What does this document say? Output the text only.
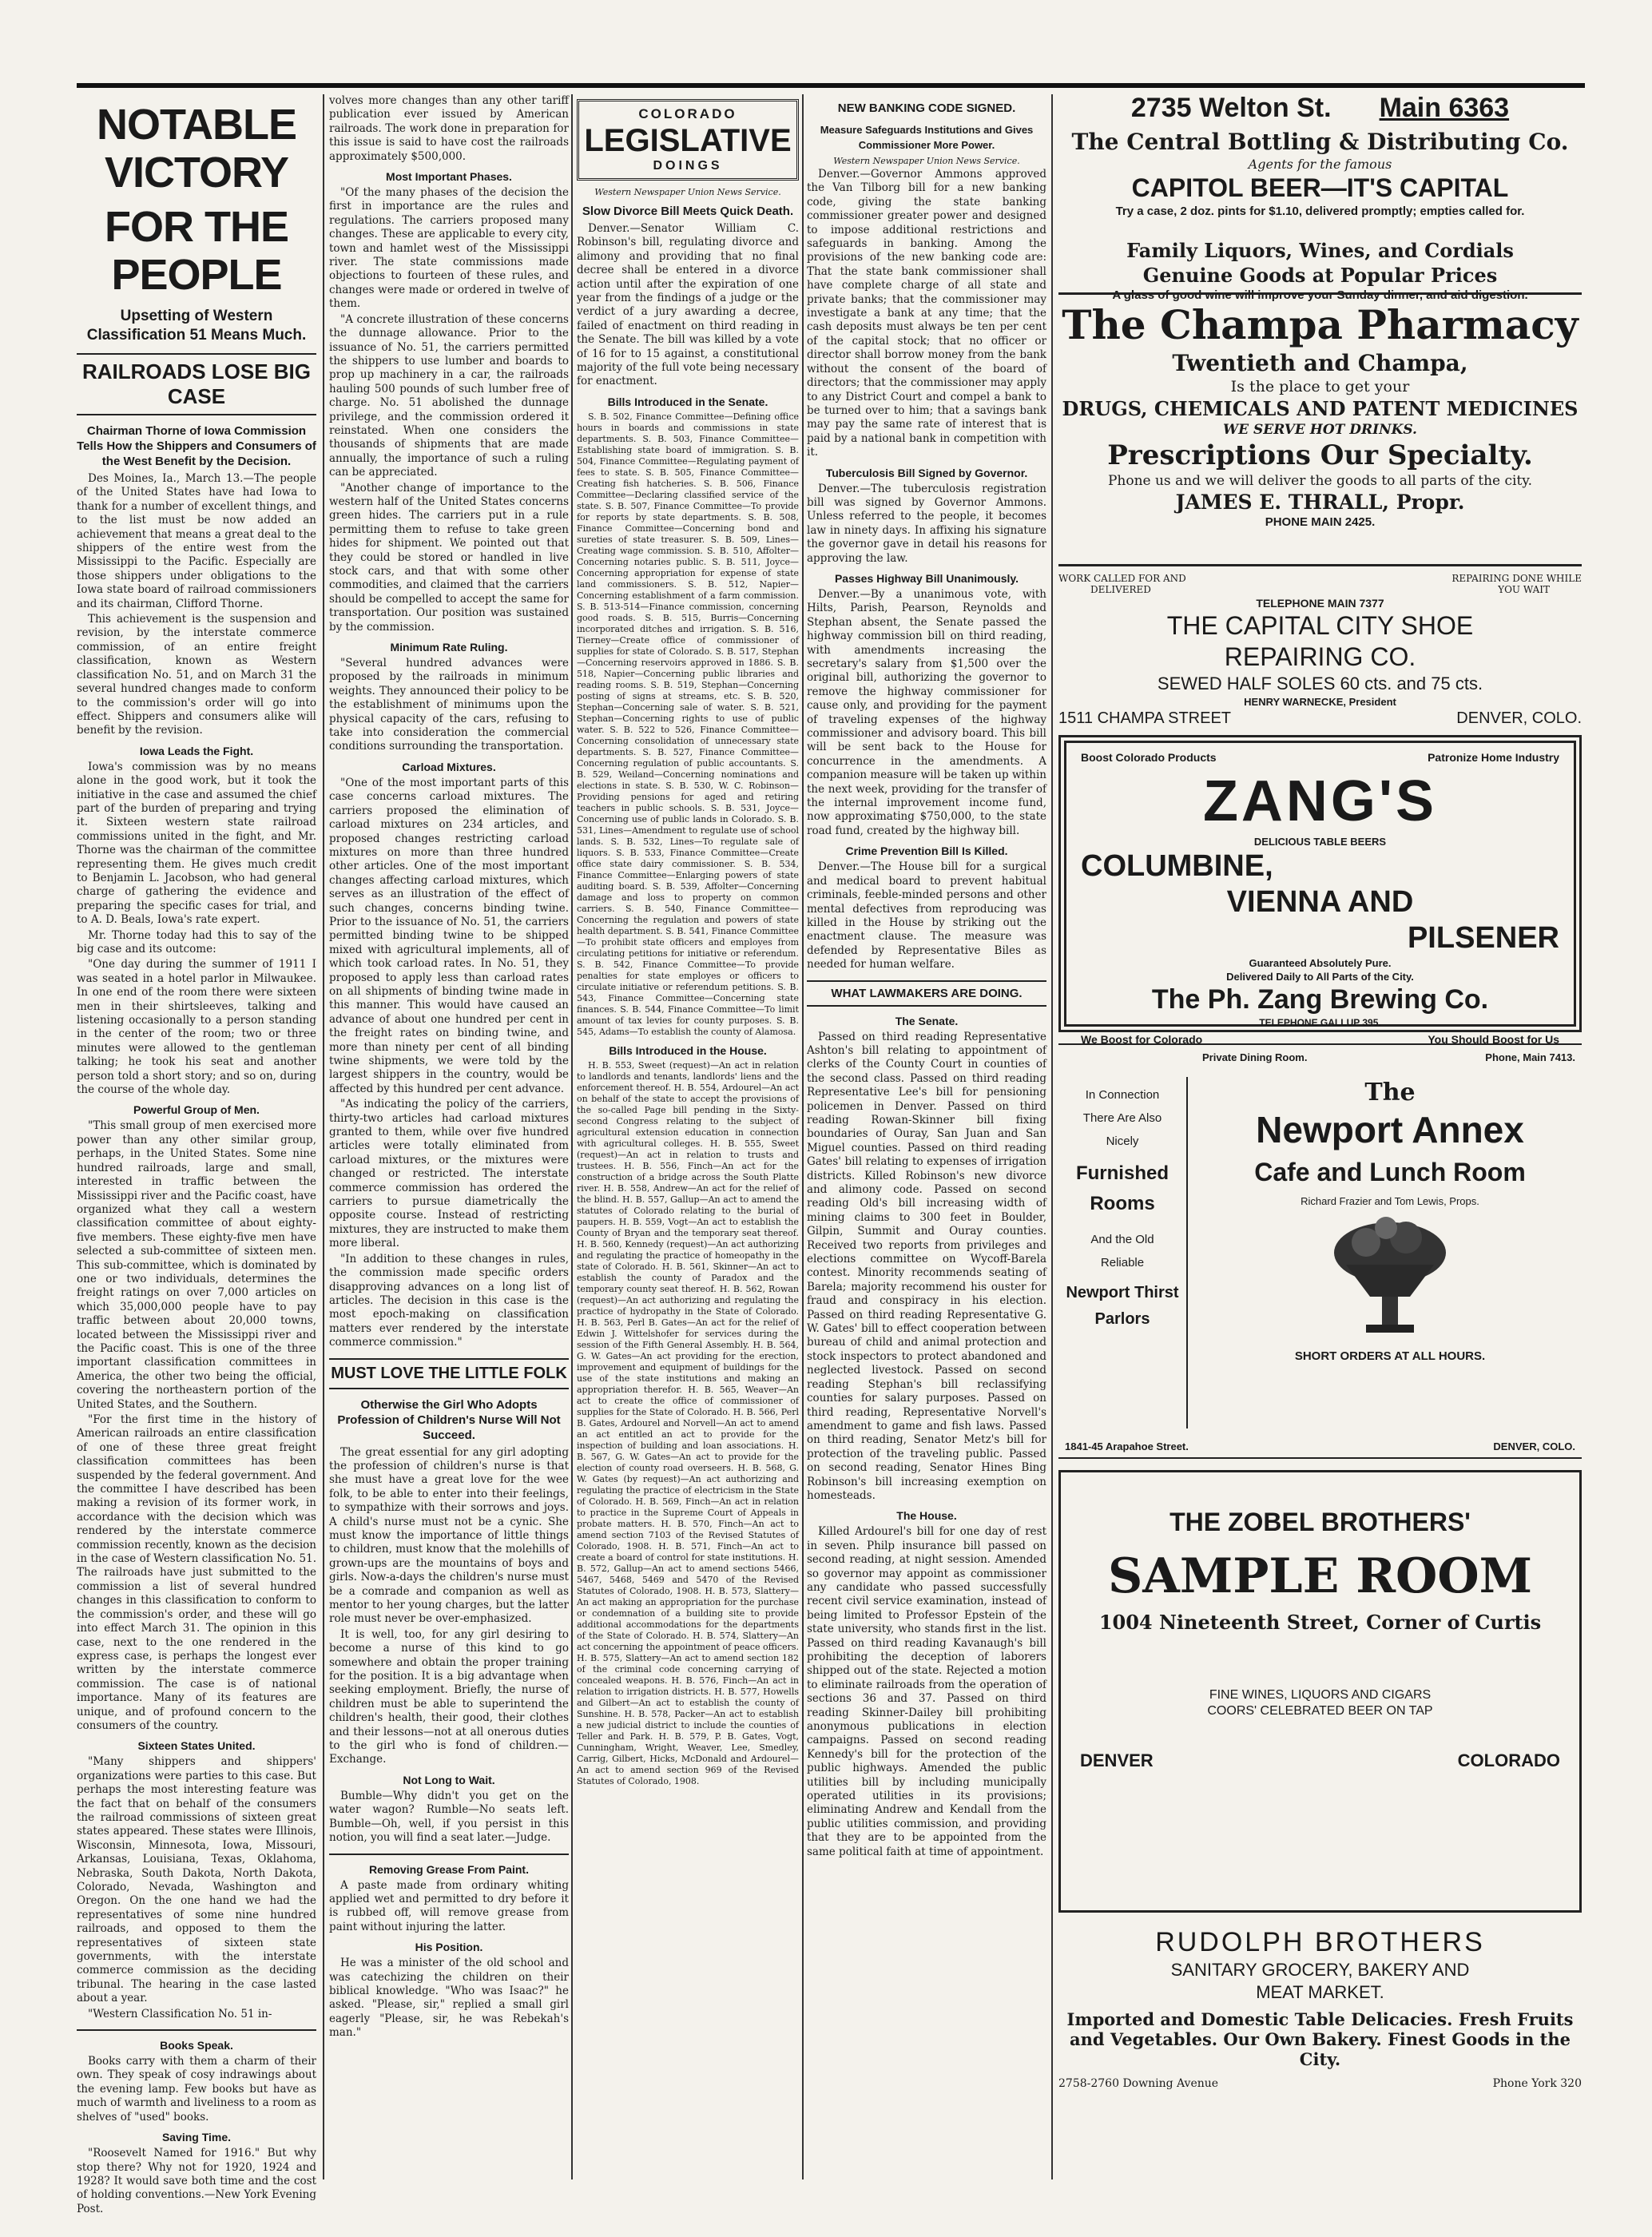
NOTABLE VICTORY
FOR THE PEOPLE
Upsetting of Western Classification 51 Means Much.
RAILROADS LOSE BIG CASE
Chairman Thorne of Iowa Commission Tells How the Shippers and Consumers of the West Benefit by the Decision.

Des Moines, Ia., March 13.—The people of the United States have had Iowa to thank for a number of excellent things, and to the list must be now added an achievement that means a great deal to the shippers of the entire west from the Mississippi to the Pacific. Especially are those shippers under obligations to the Iowa state board of railroad commissioners and its chairman, Clifford Thorne.

This achievement is the suspension and revision, by the interstate commerce commission, of an entire freight classification, known as Western classification No. 51, and on March 31 the several hundred changes made to conform to the commission's order will go into effect. Shippers and consumers alike will benefit by the revision.

Iowa Leads the Fight.

Iowa's commission was by no means alone in the good work, but it took the initiative in the case and assumed the chief part of the burden of preparing and trying it. Sixteen western state railroad commissions united in the fight, and Mr. Thorne was the chairman of the committee representing them. He gives much credit to Benjamin L. Jacobson, who had general charge of gathering the evidence and preparing the specific cases for trial, and to A. D. Beals, Iowa's rate expert.

Mr. Thorne today had this to say of the big case and its outcome:

"One day during the summer of 1911 I was seated in a hotel parlor in Milwaukee. In one end of the room there were sixteen men in their shirtsleeves, talking and listening occasionally to a person standing in the center of the room; two or three minutes were allowed to the gentleman talking; he took his seat and another person told a short story; and so on, during the course of the whole day.

Powerful Group of Men.

"This small group of men exercised more power than any other similar group, perhaps, in the United States. Some nine hundred railroads, large and small, interested in traffic between the Mississippi river and the Pacific coast, have organized what they call a western classification committee of about eighty-five members. These eighty-five men have selected a sub-committee of sixteen men. This sub-committee, which is dominated by one or two individuals, determines the freight ratings on over 7,000 articles on which 35,000,000 people have to pay traffic between about 20,000 towns, located between the Mississippi river and the Pacific coast. This is one of the three important classification committees in America, the other two being the official, covering the northeastern portion of the United States, and the Southern.

"For the first time in the history of American railroads an entire classification of one of these three great freight classification committees has been suspended by the federal government. And the committee I have described has been making a revision of its former work, in accordance with the decision which was rendered by the interstate commerce commission recently, known as the decision in the case of Western classification No. 51. The railroads have just submitted to the commission a list of several hundred changes in this classification to conform to the commission's order, and these will go into effect March 31. The opinion in this case, next to the one rendered in the express case, is perhaps the longest ever written by the interstate commerce commission. The case is of national importance. Many of its features are unique, and of profound concern to the consumers of the country.

Sixteen States United.

"Many shippers and shippers' organizations were parties to this case. But perhaps the most interesting feature was the fact that on behalf of the consumers the railroad commissions of sixteen great states appeared. These states were Illinois, Wisconsin, Minnesota, Iowa, Missouri, Arkansas, Louisiana, Texas, Oklahoma, Nebraska, South Dakota, North Dakota, Colorado, Nevada, Washington and Oregon. On the one hand we had the representatives of some nine hundred railroads, and opposed to them the representatives of sixteen state governments, with the interstate commerce commission as the deciding tribunal. The hearing in the case lasted about a year.

"Western Classification No. 51 in-

Books Speak.

Books carry with them a charm of their own. They speak of cosy indrawings about the evening lamp. Few books but have as much of warmth and liveliness to a room as shelves of "used" books.

Saving Time.

"Roosevelt Named for 1916." But why stop there? Why not for 1920, 1924 and 1928? It would save both time and the cost of holding conventions.—New York Evening Post.

volves more changes than any other tariff publication ever issued by American railroads. The work done in preparation for this issue is said to have cost the railroads approximately $500,000.

Most Important Phases.

"Of the many phases of the decision the first in importance are the rules and regulations. The carriers proposed many changes. These are applicable to every city, town and hamlet west of the Mississippi river. The state commissions made objections to fourteen of these rules, and changes were made or ordered in twelve of them.

"A concrete illustration of these concerns the dunnage allowance. Prior to the issuance of No. 51, the carriers permitted the shippers to use lumber and boards to prop up machinery in a car, the railroads hauling 500 pounds of such lumber free of charge. No. 51 abolished the dunnage privilege, and the commission ordered it reinstated. When one considers the thousands of shipments that are made annually, the importance of such a ruling can be appreciated.

"Another change of importance to the western half of the United States concerns green hides. The carriers put in a rule permitting them to refuse to take green hides for shipment. We pointed out that they could be stored or handled in live stock cars, and that with some other commodities, and claimed that the carriers should be compelled to accept the same for transportation. Our position was sustained by the commission.

Minimum Rate Ruling.

"Several hundred advances were proposed by the railroads in minimum weights. They announced their policy to be the establishment of minimums upon the physical capacity of the cars, refusing to take into consideration the commercial conditions surrounding the transportation.

Carload Mixtures.

"One of the most important parts of this case concerns carload mixtures. The carriers proposed the elimination of carload mixtures on 234 articles, and proposed changes restricting carload mixtures on more than three hundred other articles. One of the most important changes affecting carload mixtures, which serves as an illustration of the effect of such changes, concerns binding twine. Prior to the issuance of No. 51, the carriers permitted binding twine to be shipped mixed with agricultural implements, all of which took carload rates. In No. 51, they proposed to apply less than carload rates on all shipments of binding twine made in this manner. This would have caused an advance of about one hundred per cent in the freight rates on binding twine, and more than ninety per cent of all binding twine shipments, we were told by the largest shippers in the country, would be affected by this hundred per cent advance.

"As indicating the policy of the carriers, thirty-two articles had carload mixtures granted to them, while over five hundred articles were totally eliminated from carload mixtures, or the mixtures were changed or restricted. The interstate commerce commission has ordered the carriers to pursue diametrically the opposite course. Instead of restricting mixtures, they are instructed to make them more liberal.

"In addition to these changes in rules, the commission made specific orders disapproving advances on a long list of articles. The decision in this case is the most epoch-making on classification matters ever rendered by the interstate commerce commission."

MUST LOVE THE LITTLE FOLK
Otherwise the Girl Who Adopts Profession of Children's Nurse Will Not Succeed.

The great essential for any girl adopting the profession of children's nurse is that she must have a great love for the wee folk, to be able to enter into their feelings, to sympathize with their sorrows and joys. A child's nurse must not be a cynic. She must know the importance of little things to children, must know that the molehills of grown-ups are the mountains of boys and girls. Now-a-days the children's nurse must be a comrade and companion as well as mentor to her young charges, but the latter role must never be over-emphasized.

It is well, too, for any girl desiring to become a nurse of this kind to go somewhere and obtain the proper training for the position. It is a big advantage when seeking employment. Briefly, the nurse of children must be able to superintend the children's health, their good, their clothes and their lessons—not at all onerous duties to the girl who is fond of children.—Exchange.

Not Long to Wait.

Bumble—Why didn't you get on the water wagon? Rumble—No seats left. Bumble—Oh, well, if you persist in this notion, you will find a seat later.—Judge.

Removing Grease From Paint.

A paste made from ordinary whiting applied wet and permitted to dry before it is rubbed off, will remove grease from paint without injuring the latter.

His Position.

He was a minister of the old school and was catechizing the children on their biblical knowledge. "Who was Isaac?" he asked. "Please, sir," replied a small girl eagerly "Please, sir, he was Rebekah's man."

COLORADO
LEGISLATIVE
DOINGS
Western Newspaper Union News Service.
Slow Divorce Bill Meets Quick Death.

Denver.—Senator William C. Robinson's bill, regulating divorce and alimony and providing that no final decree shall be entered in a divorce action until after the expiration of one year from the findings of a judge or the verdict of a jury awarding a decree, failed of enactment on third reading in the Senate. The bill was killed by a vote of 16 for to 15 against, a constitutional majority of the full vote being necessary for enactment.

Bills Introduced in the Senate.

S. B. 502, Finance Committee—Defining office hours in boards and commissions in state departments. S. B. 503, Finance Committee—Establishing state board of immigration. S. B. 504, Finance Committee—Regulating payment of fees to state. S. B. 505, Finance Committee—Creating fish hatcheries. S. B. 506, Finance Committee—Declaring classified service of the state. S. B. 507, Finance Committee—To provide for reports by state departments. S. B. 508, Finance Committee—Concerning bond and sureties of state treasurer. S. B. 509, Lines—Creating wage commission. S. B. 510, Affolter—Concerning notaries public. S. B. 511, Joyce—Concerning appropriation for expense of state land commissioners. S. B. 512, Napier—Concerning establishment of a farm commission. S. B. 513-514—Finance commission, concerning good roads. S. B. 515, Burris—Concerning incorporated ditches and irrigation. S. B. 516, Tierney—Create office of commissioner of supplies for state of Colorado. S. B. 517, Stephan—Concerning reservoirs approved in 1886. S. B. 518, Napier—Concerning public libraries and reading rooms. S. B. 519, Stephan—Concerning posting of signs at streams, etc. S. B. 520, Stephan—Concerning sale of water. S. B. 521, Stephan—Concerning rights to use of public water. S. B. 522 to 526, Finance Committee—Concerning consolidation of unnecessary state departments. S. B. 527, Finance Committee—Concerning regulation of public accountants. S. B. 529, Weiland—Concerning nominations and elections in state. S. B. 530, W. C. Robinson—Providing pensions for aged and retiring teachers in public schools. S. B. 531, Joyce—Concerning use of public lands in Colorado. S. B. 531, Lines—Amendment to regulate use of school lands. S. B. 532, Lines—To regulate sale of liquors. S. B. 533, Finance Committee—Create office state dairy commissioner. S. B. 534, Finance Committee—Enlarging powers of state auditing board. S. B. 539, Affolter—Concerning damage and loss to property on common carriers. S. B. 540, Finance Committee—Concerning the regulation and powers of state health department. S. B. 541, Finance Committee—To prohibit state officers and employes from circulating petitions for initiative or referendum. S. B. 542, Finance Committee—To provide penalties for state employes or officers to circulate initiative or referendum petitions. S. B. 543, Finance Committee—Concerning state finances. S. B. 544, Finance Committee—To limit amount of tax levies for county purposes. S. B. 545, Adams—To establish the county of Alamosa.

Bills Introduced in the House.

H. B. 553, Sweet (request)—An act in relation to landlords and tenants, landlords' liens and the enforcement thereof. H. B. 554, Ardourel—An act on behalf of the state to accept the provisions of the so-called Page bill pending in the Sixty-second Congress relating to the subject of agricultural extension education in connection with agricultural colleges. H. B. 555, Sweet (request)—An act in relation to trusts and trustees. H. B. 556, Finch—An act for the construction of a bridge across the South Platte river. H. B. 558, Andrew—An act for the relief of the blind. H. B. 557, Gallup—An act to amend the statutes of Colorado relating to the burial of paupers. H. B. 559, Vogt—An act to establish the County of Bryan and the temporary seat thereof. H. B. 560, Kennedy (request)—An act authorizing and regulating the practice of homeopathy in the state of Colorado. H. B. 561, Skinner—An act to establish the county of Paradox and the temporary county seat thereof. H. B. 562, Rowan (request)—An act authorizing and regulating the practice of hydropathy in the State of Colorado. H. B. 563, Perl B. Gates—An act for the relief of Edwin J. Wittelshofer for services during the session of the Fifth General Assembly. H. B. 564, G. W. Gates—An act providing for the erection, improvement and equipment of buildings for the use of the state institutions and making an appropriation therefor. H. B. 565, Weaver—An act to create the office of commissioner of supplies for the State of Colorado. H. B. 566, Perl B. Gates, Ardourel and Norvell—An act to amend an act entitled an act to provide for the inspection of building and loan associations. H. B. 567, G. W. Gates—An act to provide for the election of county road overseers. H. B. 568, G. W. Gates (by request)—An act authorizing and regulating the practice of electricism in the State of Colorado. H. B. 569, Finch—An act in relation to practice in the Supreme Court of Appeals in probate matters. H. B. 570, Finch—An act to amend section 7103 of the Revised Statutes of Colorado, 1908. H. B. 571, Finch—An act to create a board of control for state institutions. H. B. 572, Gallup—An act to amend sections 5466, 5467, 5468, 5469 and 5470 of the Revised Statutes of Colorado, 1908. H. B. 573, Slattery—An act making an appropriation for the purchase or condemnation of a building site to provide additional accommodations for the departments of the State of Colorado. H. B. 574, Slattery—An act concerning the appointment of peace officers. H. B. 575, Slattery—An act to amend section 182 of the criminal code concerning carrying of concealed weapons. H. B. 576, Finch—An act in relation to irrigation districts. H. B. 577, Howells and Gilbert—An act to establish the county of Sunshine. H. B. 578, Packer—An act to establish a new judicial district to include the counties of Teller and Park. H. B. 579, P. B. Gates, Vogt, Cunningham, Wright, Weaver, Lee, Smedley, Carrig, Gilbert, Hicks, McDonald and Ardourel—An act to amend section 969 of the Revised Statutes of Colorado, 1908.

NEW BANKING CODE SIGNED.
Measure Safeguards Institutions and Gives Commissioner More Power.
Western Newspaper Union News Service.

Denver.—Governor Ammons approved the Van Tilborg bill for a new banking code, giving the state banking commissioner greater power and designed to impose additional restrictions and safeguards in banking. Among the provisions of the new banking code are: That the state bank commissioner shall have complete charge of all state and private banks; that the commissioner may investigate a bank at any time; that the cash deposits must always be ten per cent of the capital stock; that no officer or director shall borrow money from the bank without the consent of the board of directors; that the commissioner may apply to any District Court and compel a bank to be turned over to him; that a savings bank may pay the same rate of interest that is paid by a national bank in competition with it.

Tuberculosis Bill Signed by Governor.

Denver.—The tuberculosis registration bill was signed by Governor Ammons. Unless referred to the people, it becomes law in ninety days. In affixing his signature the governor gave in detail his reasons for approving the law.

Passes Highway Bill Unanimously.

Denver.—By a unanimous vote, with Hilts, Parish, Pearson, Reynolds and Stephan absent, the Senate passed the highway commission bill on third reading, with amendments increasing the secretary's salary from $1,500 over the original bill, authorizing the governor to remove the highway commissioner for cause only, and providing for the payment of traveling expenses of the highway commissioner and advisory board. This bill will be sent back to the House for concurrence in the amendments. A companion measure will be taken up within the next week, providing for the transfer of the internal improvement income fund, now approximating $750,000, to the state road fund, created by the highway bill.

Crime Prevention Bill Is Killed.

Denver.—The House bill for a surgical and medical board to prevent habitual criminals, feeble-minded persons and other mental defectives from reproducing was killed in the House by striking out the enactment clause. The measure was defended by Representative Biles as needed for human welfare.

WHAT LAWMAKERS ARE DOING.
The Senate.

Passed on third reading Representative Ashton's bill relating to appointment of clerks of the County Court in counties of the second class. Passed on third reading Representative Lee's bill for pensioning policemen in Denver. Passed on third reading Rowan-Skinner bill fixing boundaries of Ouray, San Juan and San Miguel counties. Passed on third reading Gates' bill relating to expenses of irrigation districts. Killed Robinson's new divorce and alimony code. Passed on second reading Old's bill increasing width of mining claims to 300 feet in Boulder, Gilpin, Summit and Ouray counties. Received two reports from privileges and elections committee on Wycoff-Barela contest. Minority recommends seating of Barela; majority recommend his ouster for fraud and conspiracy in his election. Passed on third reading Representative G. W. Gates' bill to effect cooperation between bureau of child and animal protection and stock inspectors to protect abandoned and neglected livestock. Passed on second reading Stephan's bill reclassifying counties for salary purposes. Passed on third reading, Representative Norvell's amendment to game and fish laws. Passed on third reading, Senator Metz's bill for protection of the traveling public. Passed on second reading, Senator Hines Bing Robinson's bill increasing exemption on homesteads.

The House.

Killed Ardourel's bill for one day of rest in seven. Philp insurance bill passed on second reading, at night session. Amended so governor may appoint as commissioner any candidate who passed successfully recent civil service examination, instead of being limited to Professor Epstein of the state university, who stands first in the list. Passed on third reading Kavanaugh's bill prohibiting the deception of laborers shipped out of the state. Rejected a motion to eliminate railroads from the operation of sections 36 and 37. Passed on third reading Skinner-Dailey bill prohibiting anonymous publications in election campaigns. Passed on second reading Kennedy's bill for the protection of the public highways. Amended the public utilities bill by including municipally operated utilities in its provisions; eliminating Andrew and Kendall from the public utilities commission, and providing that they are to be appointed from the same political faith at time of appointment.

2735 Welton St. Main 6363
The Central Bottling & Distributing Co.
Agents for the famous
CAPITOL BEER—IT'S CAPITAL
Try a case, 2 doz. pints for $1.10, delivered promptly; empties called for.
Family Liquors, Wines, and Cordials
Genuine Goods at Popular Prices
A glass of good wine will improve your Sunday dinner, and aid digestion.
The Champa Pharmacy
Twentieth and Champa,
Is the place to get your
DRUGS, CHEMICALS AND PATENT MEDICINES
WE SERVE HOT DRINKS.
Prescriptions Our Specialty.
Phone us and we will deliver the goods to all parts of the city.
JAMES E. THRALL, Propr.
PHONE MAIN 2425.
WORK CALLED FOR AND	REPAIRING DONE WHILE
DELIVERED	YOU WAIT
TELEPHONE MAIN 7377
THE CAPITAL CITY SHOE
REPAIRING CO.
SEWED HALF SOLES 60 cts. and 75 cts.
HENRY WARNECKE, President
1511 CHAMPA STREET	DENVER, COLO.
Boost Colorado Products	Patronize Home Industry
ZANG'S
DELICIOUS TABLE BEERS
COLUMBINE,
VIENNA AND
PILSENER
Guaranteed Absolutely Pure.
Delivered Daily to All Parts of the City.
The Ph. Zang Brewing Co.
TELEPHONE GALLUP 395.
We Boost for Colorado	You Should Boost for Us
Private Dining Room.	Phone, Main 7413.
In Connection
There Are Also
Nicely
Furnished
Rooms
And the Old
Reliable
Newport Thirst
Parlors
The
Newport Annex
Cafe and Lunch Room
Richard Frazier and Tom Lewis, Props.
SHORT ORDERS AT ALL HOURS.
1841-45 Arapahoe Street.	DENVER, COLO.
THE ZOBEL BROTHERS'
SAMPLE ROOM
1004 Nineteenth Street, Corner of Curtis
FINE WINES, LIQUORS AND CIGARS
COORS' CELEBRATED BEER ON TAP
DENVER	COLORADO
RUDOLPH BROTHERS
SANITARY GROCERY, BAKERY AND
MEAT MARKET.
Imported and Domestic Table Delicacies. Fresh Fruits and Vegetables. Our Own Bakery. Finest Goods in the City.
2758-2760 Downing Avenue	Phone York 320
